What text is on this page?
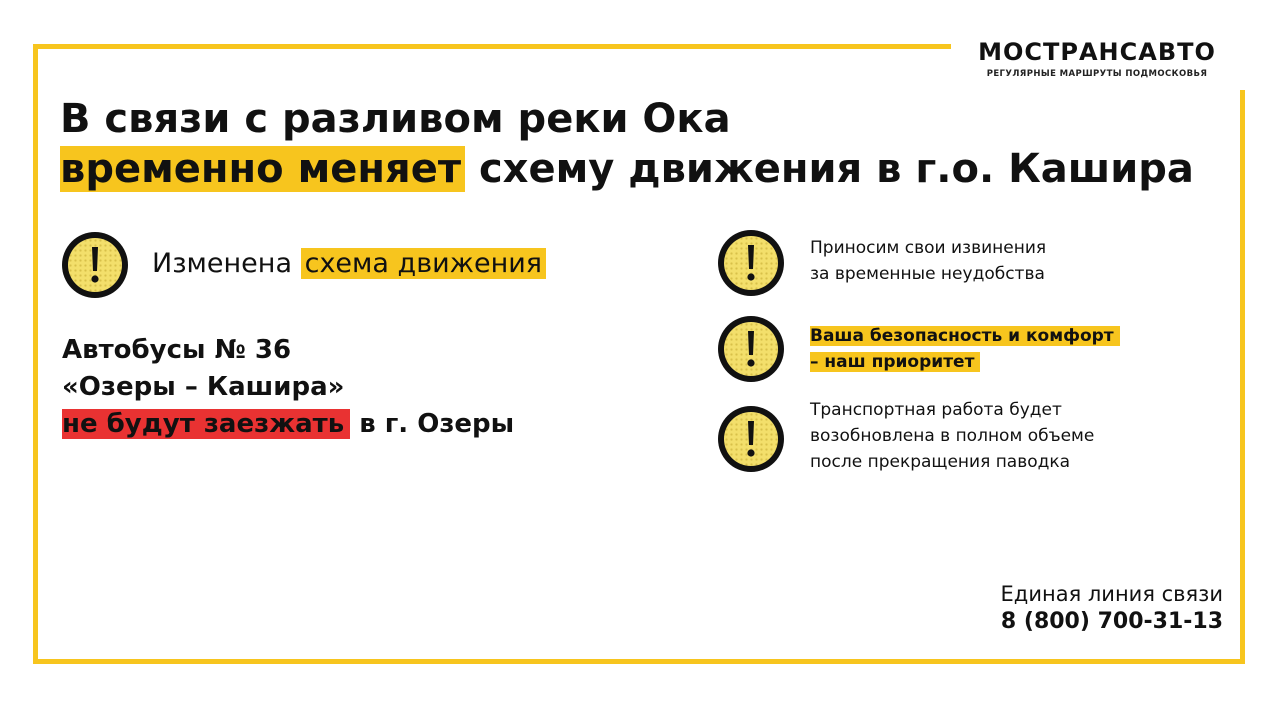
МОСТРАНСАВТО
РЕГУЛЯРНЫЕ МАРШРУТЫ ПОДМОСКОВЬЯ
В связи с разливом реки Ока
временно меняет схему движения в г.о. Кашира
Изменена схема движения
Автобусы № 36
«Озеры – Кашира»
не будут заезжать в г. Озеры
Приносим свои извинения
за временные неудобства
Ваша безопасность и комфорт
– наш приоритет
Транспортная работа будет
возобновлена в полном объеме
после прекращения паводка
Единая линия связи
8 (800) 700-31-13
